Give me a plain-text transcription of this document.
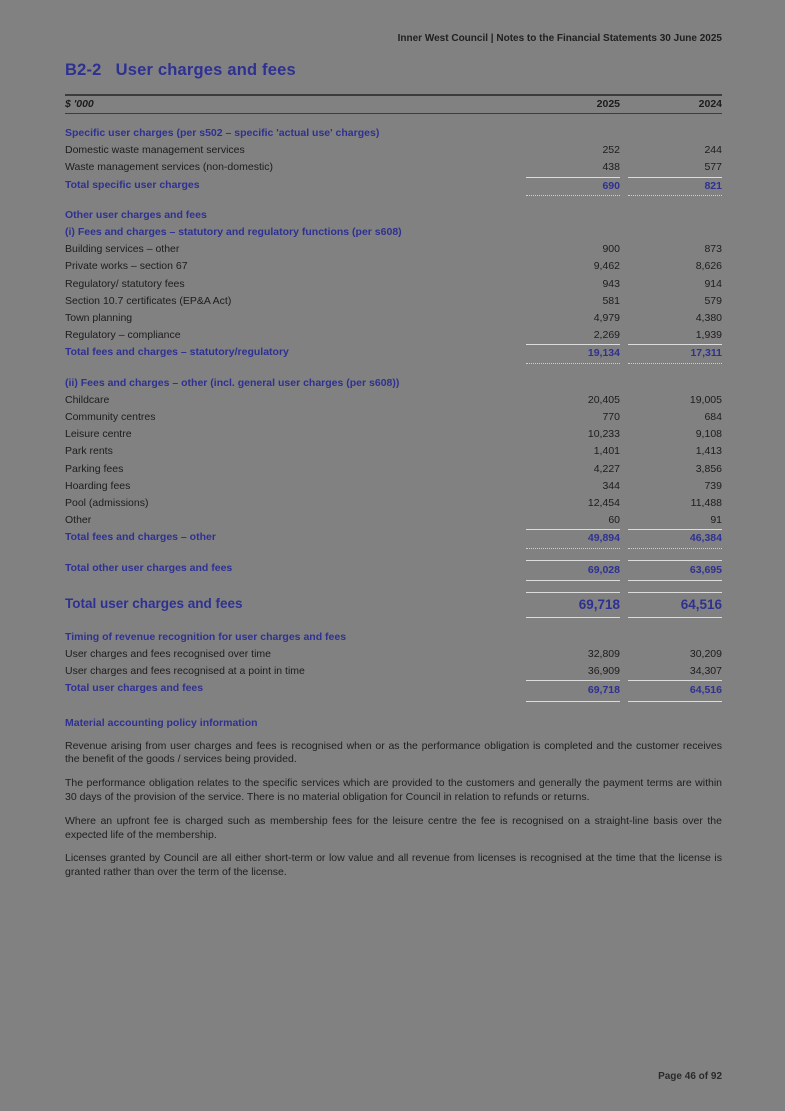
Inner West Council | Notes to the Financial Statements 30 June 2025
B2-2 User charges and fees
$ '000	2025	2024
Specific user charges (per s502 – specific 'actual use' charges)
Domestic waste management services	252	244
Waste management services (non-domestic)	438	577
Total specific user charges	690	821
Other user charges and fees
(i) Fees and charges – statutory and regulatory functions (per s608)
Building services – other	900	873
Private works – section 67	9,462	8,626
Regulatory/ statutory fees	943	914
Section 10.7 certificates (EP&A Act)	581	579
Town planning	4,979	4,380
Regulatory – compliance	2,269	1,939
Total fees and charges – statutory/regulatory	19,134	17,311
(ii) Fees and charges – other (incl. general user charges (per s608))
Childcare	20,405	19,005
Community centres	770	684
Leisure centre	10,233	9,108
Park rents	1,401	1,413
Parking fees	4,227	3,856
Hoarding fees	344	739
Pool (admissions)	12,454	11,488
Other	60	91
Total fees and charges – other	49,894	46,384
Total other user charges and fees	69,028	63,695
Total user charges and fees	69,718	64,516
Timing of revenue recognition for user charges and fees
User charges and fees recognised over time	32,809	30,209
User charges and fees recognised at a point in time	36,909	34,307
Total user charges and fees	69,718	64,516
Material accounting policy information
Revenue arising from user charges and fees is recognised when or as the performance obligation is completed and the customer receives the benefit of the goods / services being provided.
The performance obligation relates to the specific services which are provided to the customers and generally the payment terms are within 30 days of the provision of the service. There is no material obligation for Council in relation to refunds or returns.
Where an upfront fee is charged such as membership fees for the leisure centre the fee is recognised on a straight-line basis over the expected life of the membership.
Licenses granted by Council are all either short-term or low value and all revenue from licenses is recognised at the time that the license is granted rather than over the term of the license.
Page 46 of 92
